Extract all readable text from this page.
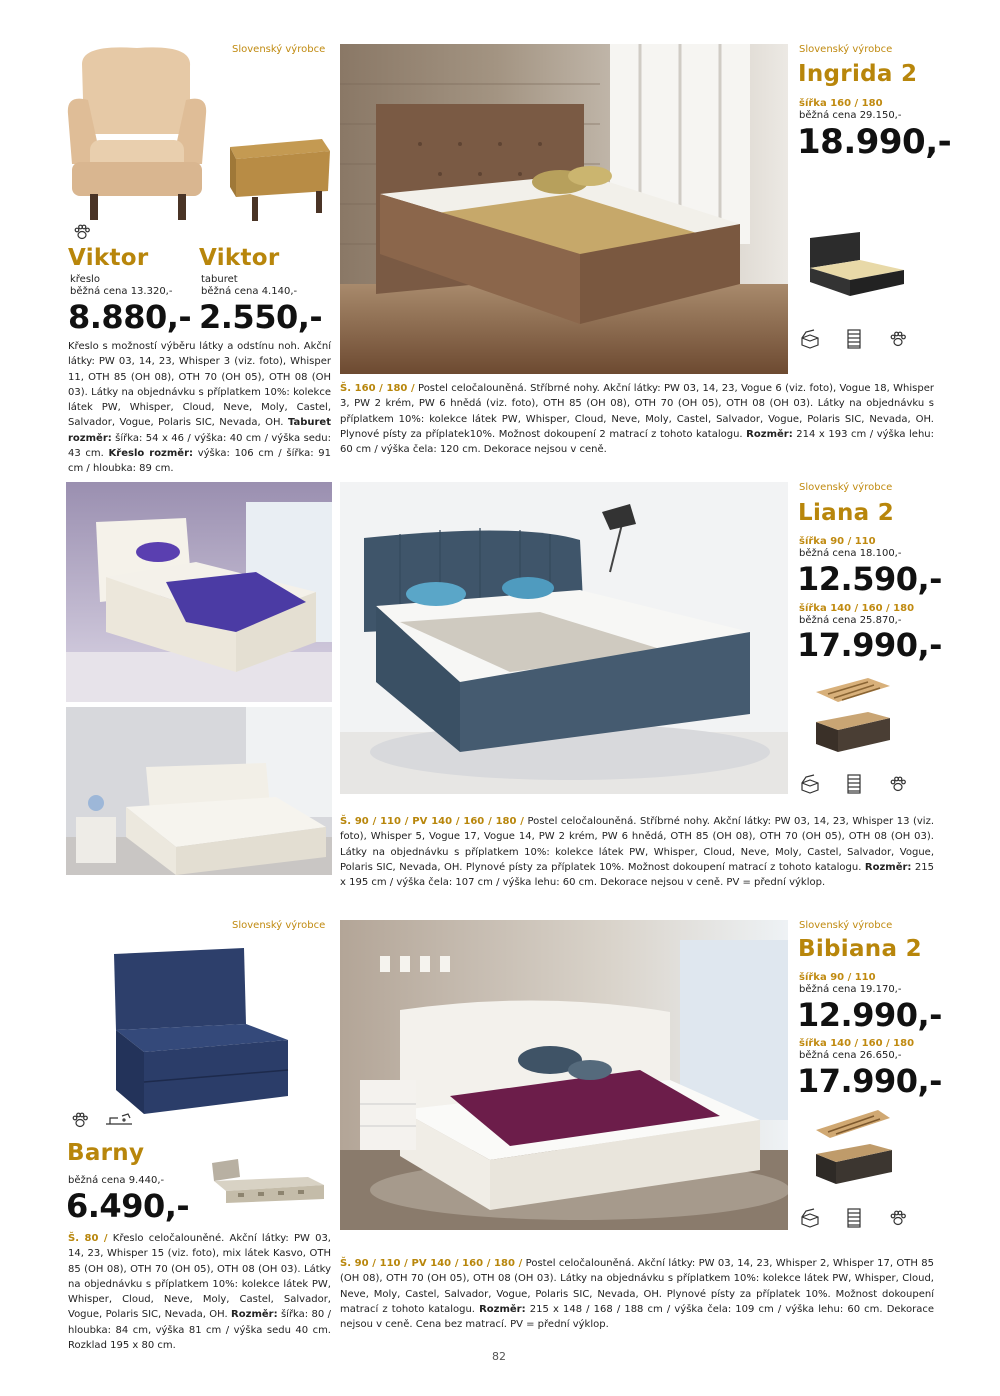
Slovenský výrobce
Viktor
křeslo
běžná cena 13.320,-
8.880,-
Viktor
taburet
běžná cena 4.140,-
2.550,-
Křeslo s možností výběru látky a odstínu noh. Akční látky: PW 03, 14, 23, Whisper 3 (viz. foto), Whisper 11, OTH 85 (OH 08), OTH 70 (OH 05), OTH 08 (OH 03). Látky na objednávku s příplatkem 10%: kolekce látek PW, Whisper, Cloud, Neve, Moly, Castel, Salvador, Vogue, Polaris SIC, Nevada, OH. Taburet rozměr: šířka: 54 x 46 / výška: 40 cm / výška sedu: 43 cm. Křeslo rozměr: výška: 106 cm / šířka: 91 cm / hloubka: 89 cm.
Slovenský výrobce
Ingrida 2
šířka 160 / 180
běžná cena 29.150,-
18.990,-
Š. 160 / 180 / Postel celočalouněná. Stříbrné nohy. Akční látky: PW 03, 14, 23, Vogue 6 (viz. foto), Vogue 18, Whisper 3, PW 2 krém, PW 6 hnědá (viz. foto), OTH 85 (OH 08), OTH 70 (OH 05), OTH 08 (OH 03). Látky na objednávku s příplatkem 10%: kolekce látek PW, Whisper, Cloud, Neve, Moly, Castel, Salvador, Vogue, Polaris SIC, Nevada, OH. Plynové písty za příplatek10%. Možnost dokoupení 2 matrací z tohoto katalogu. Rozměr: 214 x 193 cm / výška lehu: 60 cm / výška čela: 120 cm. Dekorace nejsou v ceně.
Slovenský výrobce
Liana 2
šířka 90 / 110
běžná cena 18.100,-
12.590,-
šířka 140 / 160 / 180
běžná cena 25.870,-
17.990,-
Š. 90 / 110 / PV 140 / 160 / 180 / Postel celočalouněná. Stříbrné nohy. Akční látky: PW 03, 14, 23, Whisper 13 (viz. foto), Whisper 5, Vogue 17, Vogue 14, PW 2 krém, PW 6 hnědá, OTH 85 (OH 08), OTH 70 (OH 05), OTH 08 (OH 03). Látky na objednávku s příplatkem 10%: kolekce látek PW, Whisper, Cloud, Neve, Moly, Castel, Salvador, Vogue, Polaris SIC, Nevada, OH. Plynové písty za příplatek 10%. Možnost dokoupení matrací z tohoto katalogu. Rozměr: 215 x 195 cm / výška čela: 107 cm / výška lehu: 60 cm. Dekorace nejsou v ceně. PV = přední výklop.
Slovenský výrobce
Barny
běžná cena 9.440,-
6.490,-
Š. 80 / Křeslo celočalouněné. Akční látky: PW 03, 14, 23, Whisper 15 (viz. foto), mix látek Kasvo, OTH 85 (OH 08), OTH 70 (OH 05), OTH 08 (OH 03). Látky na objednávku s příplatkem 10%: kolekce látek PW, Whisper, Cloud, Neve, Moly, Castel, Salvador, Vogue, Polaris SIC, Nevada, OH. Rozměr: šířka: 80 / hloubka: 84 cm, výška 81 cm / výška sedu 40 cm. Rozklad 195 x 80 cm.
Slovenský výrobce
Bibiana 2
šířka 90 / 110
běžná cena 19.170,-
12.990,-
šířka 140 / 160 / 180
běžná cena 26.650,-
17.990,-
Š. 90 / 110 / PV 140 / 160 / 180 / Postel celočalouněná. Akční látky: PW 03, 14, 23, Whisper 2, Whisper 17, OTH 85 (OH 08), OTH 70 (OH 05), OTH 08 (OH 03). Látky na objednávku s příplatkem 10%: kolekce látek PW, Whisper, Cloud, Neve, Moly, Castel, Salvador, Vogue, Polaris SIC, Nevada, OH. Plynové písty za příplatek 10%. Možnost dokoupení matrací z tohoto katalogu. Rozměr: 215 x 148 / 168 / 188 cm / výška čela: 109 cm / výška lehu: 60 cm. Dekorace nejsou v ceně. Cena bez matrací. PV = přední výklop.
82
